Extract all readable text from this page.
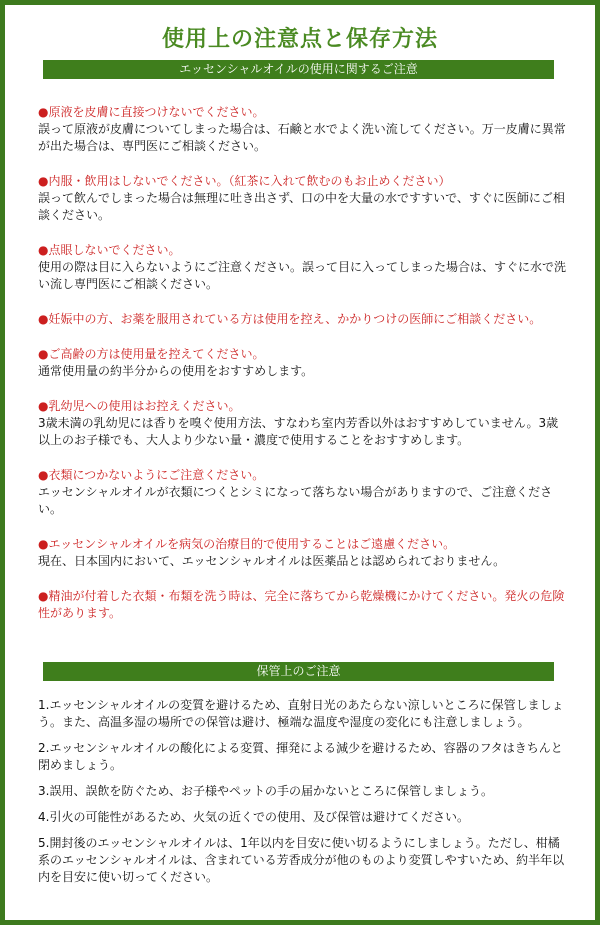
使用上の注意点と保存方法
エッセンシャルオイルの使用に関するご注意
●原液を皮膚に直接つけないでください。
誤って原液が皮膚についてしまった場合は、石鹸と水でよく洗い流してください。万一皮膚に異常が出た場合は、専門医にご相談ください。
●内服・飲用はしないでください。（紅茶に入れて飲むのもお止めください）
誤って飲んでしまった場合は無理に吐き出さず、口の中を大量の水ですすいで、すぐに医師にご相談ください。
●点眼しないでください。
使用の際は目に入らないようにご注意ください。誤って目に入ってしまった場合は、すぐに水で洗い流し専門医にご相談ください。
●妊娠中の方、お薬を服用されている方は使用を控え、かかりつけの医師にご相談ください。
●ご高齢の方は使用量を控えてください。
通常使用量の約半分からの使用をおすすめします。
●乳幼児への使用はお控えください。
3歳未満の乳幼児には香りを嗅ぐ使用方法、すなわち室内芳香以外はおすすめしていません。3歳以上のお子様でも、大人より少ない量・濃度で使用することをおすすめします。
●衣類につかないようにご注意ください。
エッセンシャルオイルが衣類につくとシミになって落ちない場合がありますので、ご注意ください。
●エッセンシャルオイルを病気の治療目的で使用することはご遠慮ください。
現在、日本国内において、エッセンシャルオイルは医薬品とは認められておりません。
●精油が付着した衣類・布類を洗う時は、完全に落ちてから乾燥機にかけてください。発火の危険性があります。
保管上のご注意
1.エッセンシャルオイルの変質を避けるため、直射日光のあたらない涼しいところに保管しましょう。また、高温多湿の場所での保管は避け、極端な温度や湿度の変化にも注意しましょう。
2.エッセンシャルオイルの酸化による変質、揮発による減少を避けるため、容器のフタはきちんと閉めましょう。
3.誤用、誤飲を防ぐため、お子様やペットの手の届かないところに保管しましょう。
4.引火の可能性があるため、火気の近くでの使用、及び保管は避けてください。
5.開封後のエッセンシャルオイルは、1年以内を目安に使い切るようにしましょう。ただし、柑橘系のエッセンシャルオイルは、含まれている芳香成分が他のものより変質しやすいため、約半年以内を目安に使い切ってください。
